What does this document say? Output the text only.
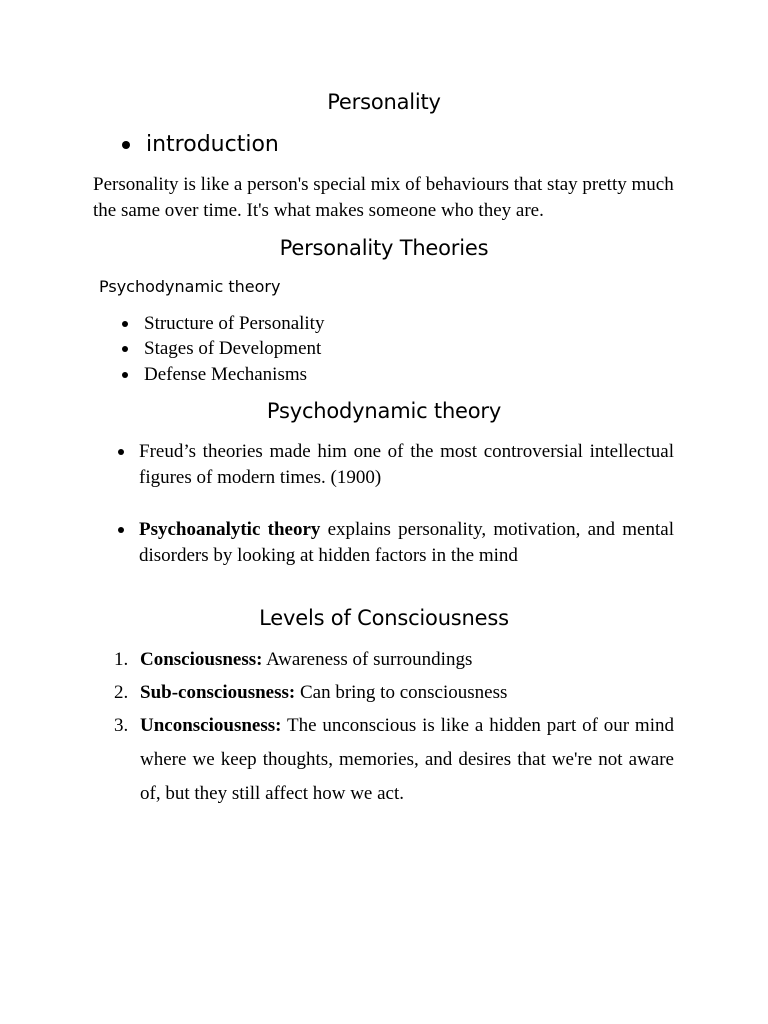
Personality
introduction
Personality is like a person's special mix of behaviours that stay pretty much the same over time. It's what makes someone who they are.
Personality Theories
Psychodynamic theory
Structure of Personality
Stages of Development
Defense Mechanisms
Psychodynamic theory
Freud’s theories made him one of the most controversial intellectual figures of modern times. (1900)
Psychoanalytic theory explains personality, motivation, and mental disorders by looking at hidden factors in the mind
Levels of Consciousness
1. Consciousness: Awareness of surroundings
2. Sub-consciousness: Can bring to consciousness
3. Unconsciousness: The unconscious is like a hidden part of our mind where we keep thoughts, memories, and desires that we're not aware of, but they still affect how we act.
